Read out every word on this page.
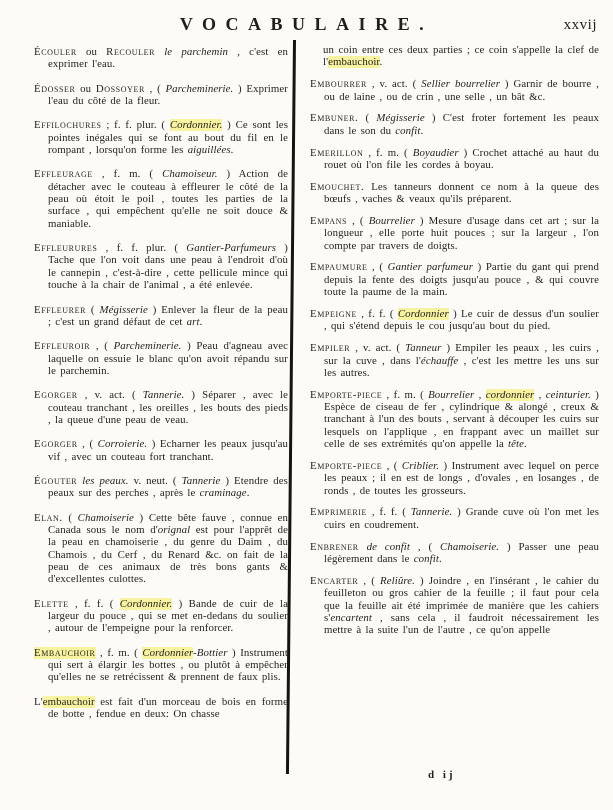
VOCABULAIRE.	xxvij

Écouler ou Recouler le parchemin , c'est en exprimer l'eau.

Édosser ou Dossoyer , ( Parcheminerie. ) Exprimer l'eau du côté de la fleur.

Effilochures ; f. f. plur. ( Cordonnier. ) Ce sont les pointes inégales qui se font au bout du fil en le rompant , lorsqu'on forme les aiguillées.

Effleurage , f. m. ( Chamoiseur. ) Action de détacher avec le couteau à effleurer le côté de la peau où étoit le poil , toutes les parties de la surface , qui empêchent qu'elle ne soit douce & maniable.

Effleurures , f. f. plur. ( Gantier-Parfumeurs ) Tache que l'on voit dans une peau à l'endroit d'où le cannepin , c'est-à-dire , cette pellicule mince qui touche à la chair de l'animal , a été enlevée.

Effleurer ( Mégisserie ) Enlever la fleur de la peau ; c'est un grand défaut de cet art.

Effleuroir , ( Parcheminerie. ) Peau d'agneau avec laquelle on essuie le blanc qu'on avoit répandu sur le parchemin.

Egorger , v. act. ( Tannerie. ) Séparer , avec le couteau tranchant , les oreilles , les bouts des pieds , la queue d'une peau de veau.

Egorger , ( Corroierie. ) Echarner les peaux jusqu'au vif , avec un couteau fort tranchant.

Égouter les peaux. v. neut. ( Tannerie ) Etendre des peaux sur des perches , après le craminage.

Elan. ( Chamoiserie ) Cette bête fauve , connue en Canada sous le nom d'orignal est pour l'apprêt de la peau en chamoiserie , du genre du Daim , du Chamois , du Cerf , du Renard &c. on fait de la peau de ces animaux de très bons gants & d'excellentes culottes.

Elette , f. f. ( Cordonnier. ) Bande de cuir de la largeur du pouce , qui se met en-dedans du soulier , autour de l'empeigne pour la renforcer.

Embauchoir , f. m. ( Cordonnier-Bottier ) Instrument qui sert à élargir les bottes , ou plutôt à empêcher qu'elles ne se retrécissent & prennent de faux plis.

L'embauchoir est fait d'un morceau de bois en forme de botte , fendue en deux: On chasse

un coin entre ces deux parties ; ce coin s'appelle la clef de l'embauchoir.

Embourrer , v. act. ( Sellier bourrelier ) Garnir de bourre , ou de laine , ou de crin , une selle , un bât &c.

Embuner. ( Mégisserie ) C'est froter fortement les peaux dans le son du confit.

Emerillon , f. m. ( Boyaudier ) Crochet attaché au haut du rouet où l'on file les cordes à boyau.

Emouchet. Les tanneurs donnent ce nom à la queue des bœufs , vaches & veaux qu'ils préparent.

Empans , ( Bourrelier ) Mesure d'usage dans cet art ; sur la longueur , elle porte huit pouces ; sur la largeur , l'on compte par travers de doigts.

Empaumure , ( Gantier parfumeur ) Partie du gant qui prend depuis la fente des doigts jusqu'au pouce , & qui couvre toute la paume de la main.

Empeigne , f. f. ( Cordonnier ) Le cuir de dessus d'un soulier , qui s'étend depuis le cou jusqu'au bout du pied.

Empiler , v. act. ( Tanneur ) Empiler les peaux , les cuirs , sur la cuve , dans l'échauffe , c'est les mettre les uns sur les autres.

Emporte-piece , f. m. ( Bourrelier , cordonnier , ceinturier. ) Espèce de ciseau de fer , cylindrique & alongé , creux & tranchant à l'un des bouts , servant à découper les cuirs sur lesquels on l'applique , en frappant avec un maillet sur celle de ses extrémités qu'on appelle la tête.

Emporte-piece , ( Criblier. ) Instrument avec lequel on perce les peaux ; il en est de longs , d'ovales , en losanges , de ronds , de toutes les grosseurs.

Emprimerie , f. f. ( Tannerie. ) Grande cuve où l'on met les cuirs en coudrement.

Enbrener de confit , ( Chamoiserie. ) Passer une peau légèrement dans le confit.

Encarter , ( Reliûre. ) Joindre , en l'insérant , le cahier du feuilleton ou gros cahier de la feuille ; il faut pour cela que la feuille ait été imprimée de manière que les cahiers s'encartent , sans cela , il faudroit nécessairement les mettre à la suite l'un de l'autre , ce qu'on appelle

d ij
